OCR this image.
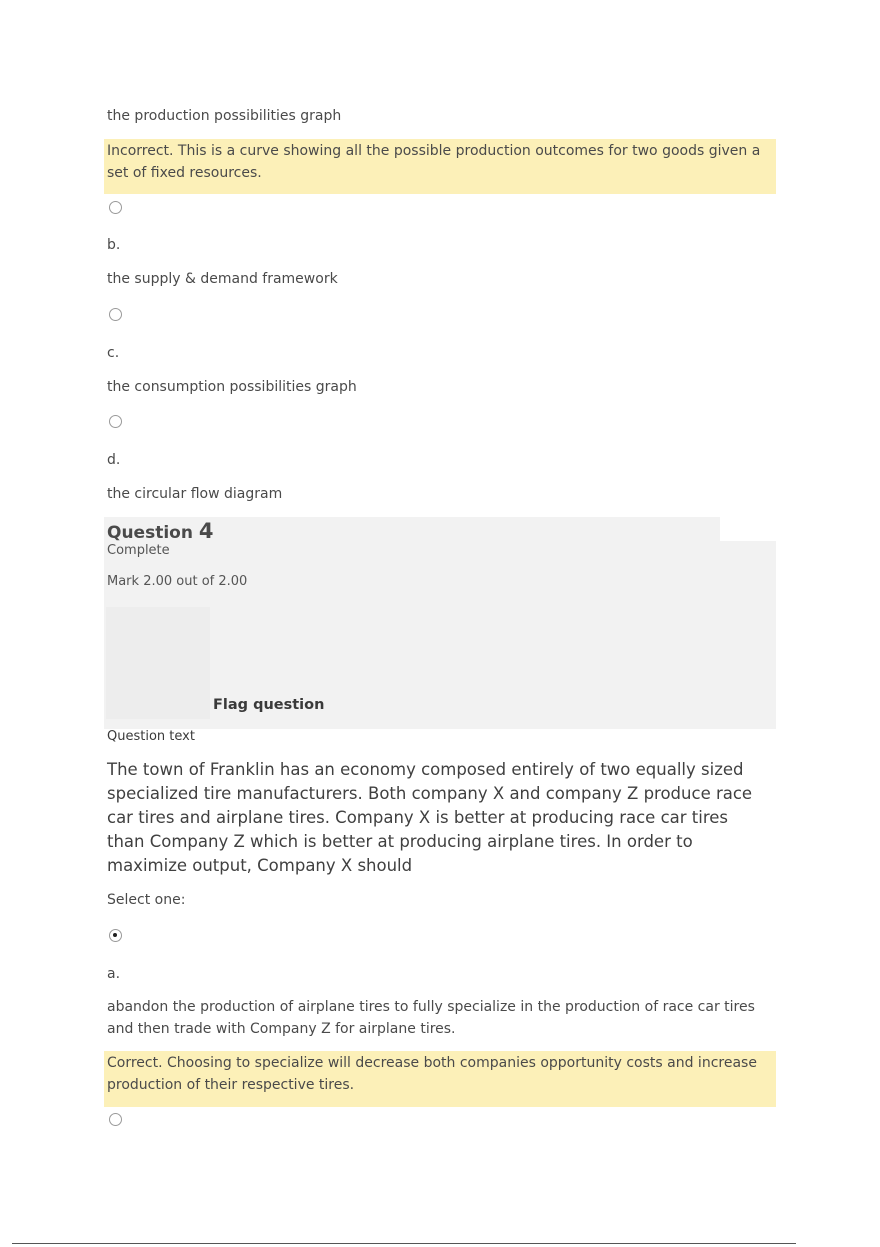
the production possibilities graph
Incorrect. This is a curve showing all the possible production outcomes for two goods given a set of fixed resources.
b.
the supply & demand framework
c.
the consumption possibilities graph
d.
the circular flow diagram
Question 4
Complete
Mark 2.00 out of 2.00
Flag question
Question text
The town of Franklin has an economy composed entirely of two equally sized specialized tire manufacturers. Both company X and company Z produce race car tires and airplane tires. Company X is better at producing race car tires than Company Z which is better at producing airplane tires. In order to maximize output, Company X should
Select one:
a.
abandon the production of airplane tires to fully specialize in the production of race car tires and then trade with Company Z for airplane tires.
Correct. Choosing to specialize will decrease both companies opportunity costs and increase production of their respective tires.
